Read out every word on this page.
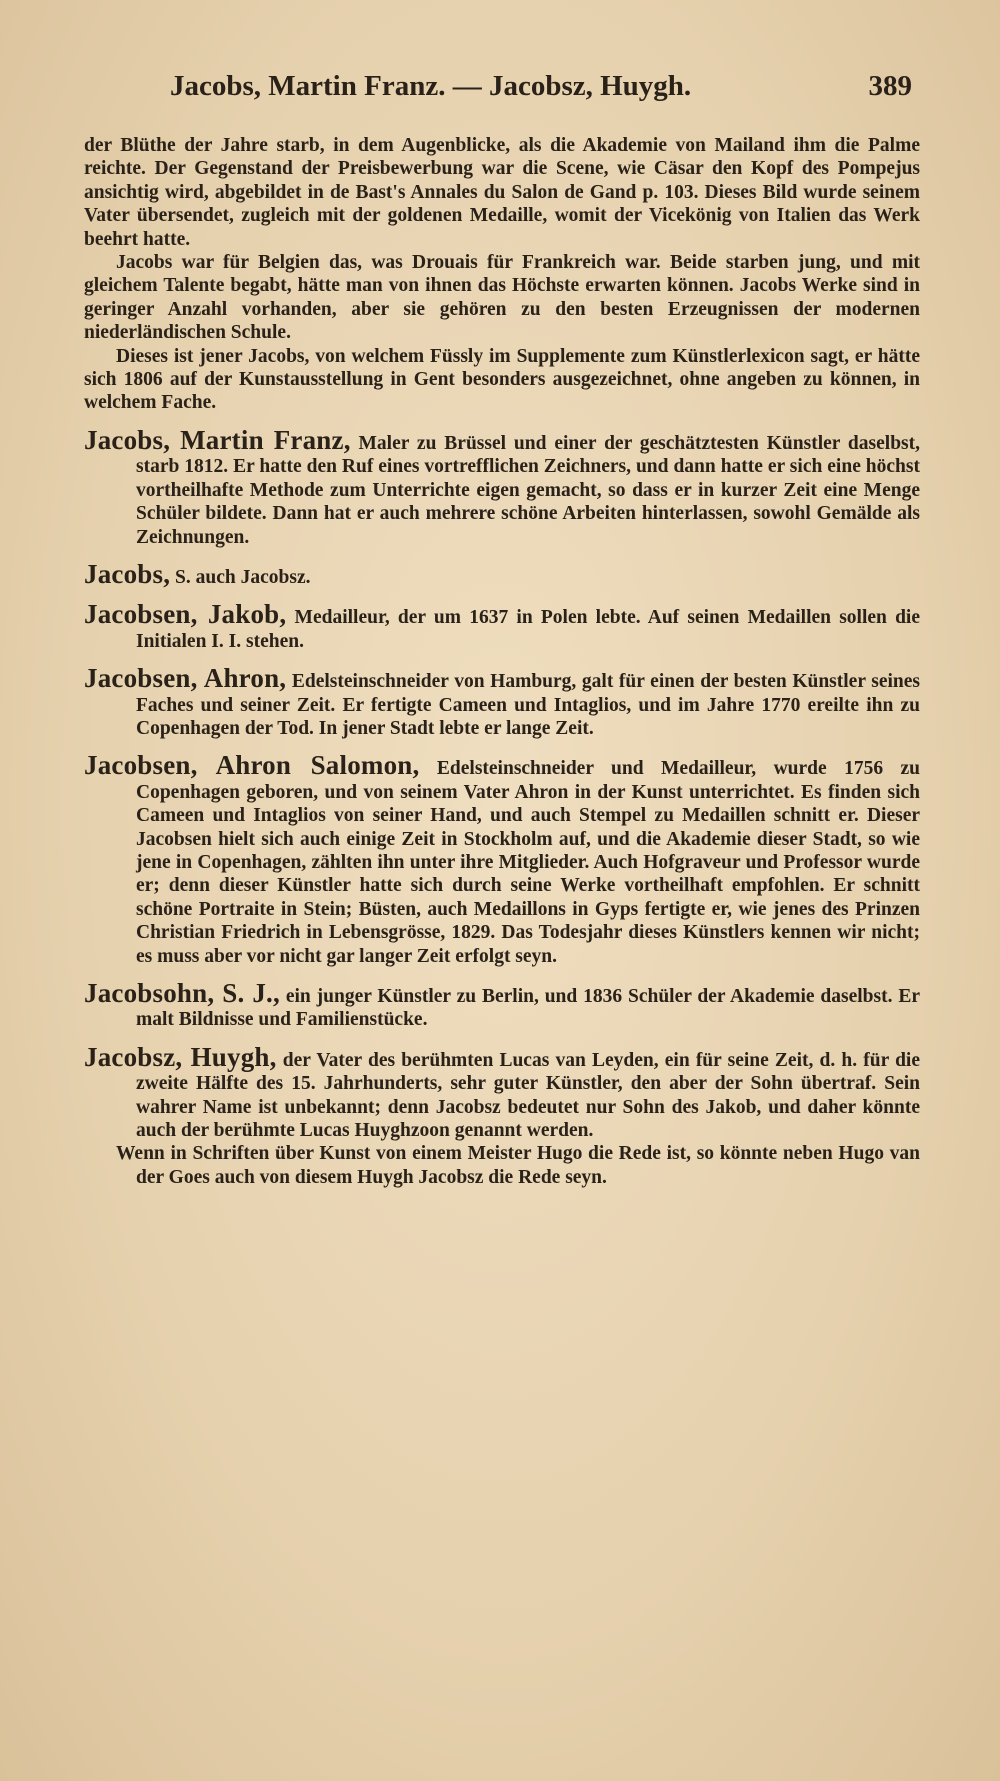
Jacobs, Martin Franz. — Jacobsz, Huygh.	389

der Blüthe der Jahre starb, in dem Augenblicke, als die Akademie von Mailand ihm die Palme reichte. Der Gegenstand der Preisbewerbung war die Scene, wie Cäsar den Kopf des Pompejus ansichtig wird, abgebildet in de Bast's Annales du Salon de Gand p. 103. Dieses Bild wurde seinem Vater übersendet, zugleich mit der goldenen Medaille, womit der Vicekönig von Italien das Werk beehrt hatte.

Jacobs war für Belgien das, was Drouais für Frankreich war. Beide starben jung, und mit gleichem Talente begabt, hätte man von ihnen das Höchste erwarten können. Jacobs Werke sind in geringer Anzahl vorhanden, aber sie gehören zu den besten Erzeugnissen der modernen niederländischen Schule.

Dieses ist jener Jacobs, von welchem Füssly im Supplemente zum Künstlerlexicon sagt, er hätte sich 1806 auf der Kunstausstellung in Gent besonders ausgezeichnet, ohne angeben zu können, in welchem Fache.

Jacobs, Martin Franz, Maler zu Brüssel und einer der geschätztesten Künstler daselbst, starb 1812. Er hatte den Ruf eines vortrefflichen Zeichners, und dann hatte er sich eine höchst vortheilhafte Methode zum Unterrichte eigen gemacht, so dass er in kurzer Zeit eine Menge Schüler bildete. Dann hat er auch mehrere schöne Arbeiten hinterlassen, sowohl Gemälde als Zeichnungen.

Jacobs, S. auch Jacobsz.

Jacobsen, Jakob, Medailleur, der um 1637 in Polen lebte. Auf seinen Medaillen sollen die Initialen I. I. stehen.

Jacobsen, Ahron, Edelsteinschneider von Hamburg, galt für einen der besten Künstler seines Faches und seiner Zeit. Er fertigte Cameen und Intaglios, und im Jahre 1770 ereilte ihn zu Copenhagen der Tod. In jener Stadt lebte er lange Zeit.

Jacobsen, Ahron Salomon, Edelsteinschneider und Medailleur, wurde 1756 zu Copenhagen geboren, und von seinem Vater Ahron in der Kunst unterrichtet. Es finden sich Cameen und Intaglios von seiner Hand, und auch Stempel zu Medaillen schnitt er. Dieser Jacobsen hielt sich auch einige Zeit in Stockholm auf, und die Akademie dieser Stadt, so wie jene in Copenhagen, zählten ihn unter ihre Mitglieder. Auch Hofgraveur und Professor wurde er; denn dieser Künstler hatte sich durch seine Werke vortheilhaft empfohlen. Er schnitt schöne Portraite in Stein; Büsten, auch Medaillons in Gyps fertigte er, wie jenes des Prinzen Christian Friedrich in Lebensgrösse, 1829. Das Todesjahr dieses Künstlers kennen wir nicht; es muss aber vor nicht gar langer Zeit erfolgt seyn.

Jacobsohn, S. J., ein junger Künstler zu Berlin, und 1836 Schüler der Akademie daselbst. Er malt Bildnisse und Familienstücke.

Jacobsz, Huygh, der Vater des berühmten Lucas van Leyden, ein für seine Zeit, d. h. für die zweite Hälfte des 15. Jahrhunderts, sehr guter Künstler, den aber der Sohn übertraf. Sein wahrer Name ist unbekannt; denn Jacobsz bedeutet nur Sohn des Jakob, und daher könnte auch der berühmte Lucas Huyghzoon genannt werden.

Wenn in Schriften über Kunst von einem Meister Hugo die Rede ist, so könnte neben Hugo van der Goes auch von diesem Huygh Jacobsz die Rede seyn.
